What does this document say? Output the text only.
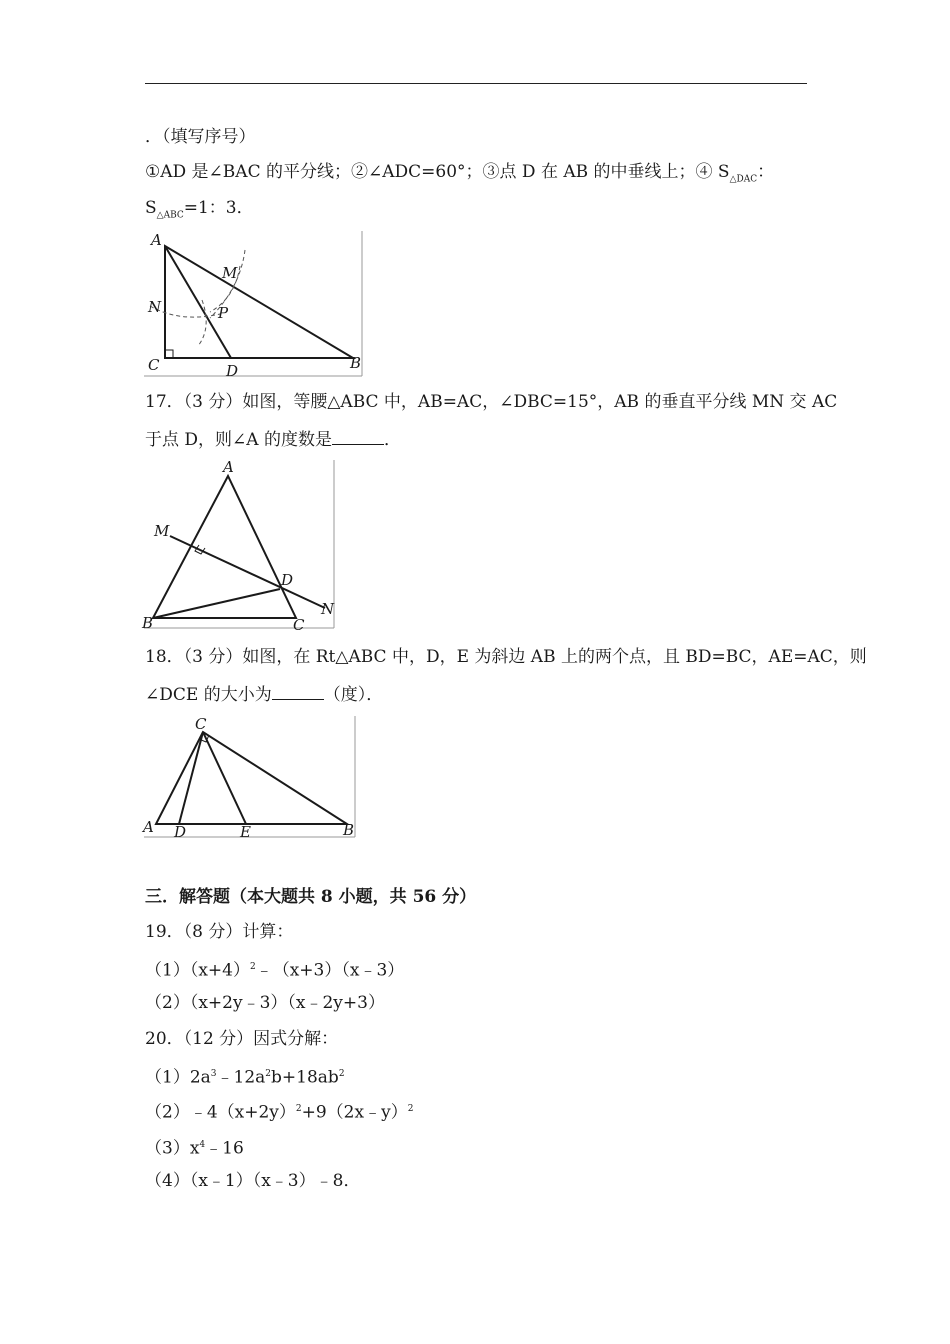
．（填写序号）
①AD 是∠BAC 的平分线；②∠ADC=60°；③点 D 在 AB 的中垂线上；④ $S_{\triangle DAC}$：
$S_{\triangle ABC}=1$：3．
A
M
N	P
C	D	B
17．（3 分）如图，等腰△ABC 中，AB=AC，∠DBC=15°，AB 的垂直平分线 MN 交 AC
于点 D，则∠A 的度数是	．
A
M
D
N
B	C
18．（3 分）如图，在 Rt△ABC 中，D，E 为斜边 AB 上的两个点，且 BD=BC，AE=AC，则
∠DCE 的大小为	（度）．
C
A D	E	B
三．解答题（本大题共 8 小题，共 56 分）
19．（8 分）计算：
$(1)(x+4)^2﹣(x+3)(x﹣3)$
（2）（x+2y﹣3）（x﹣2y+3）
20．（12 分）因式分解：
$(1)2a^3﹣12a^2b+18ab^2$
$(2)﹣4(x+2y)^2+9(2x﹣y)^2$
$(3)x^4﹣16$
（4）（x﹣1）（x﹣3）﹣8．
